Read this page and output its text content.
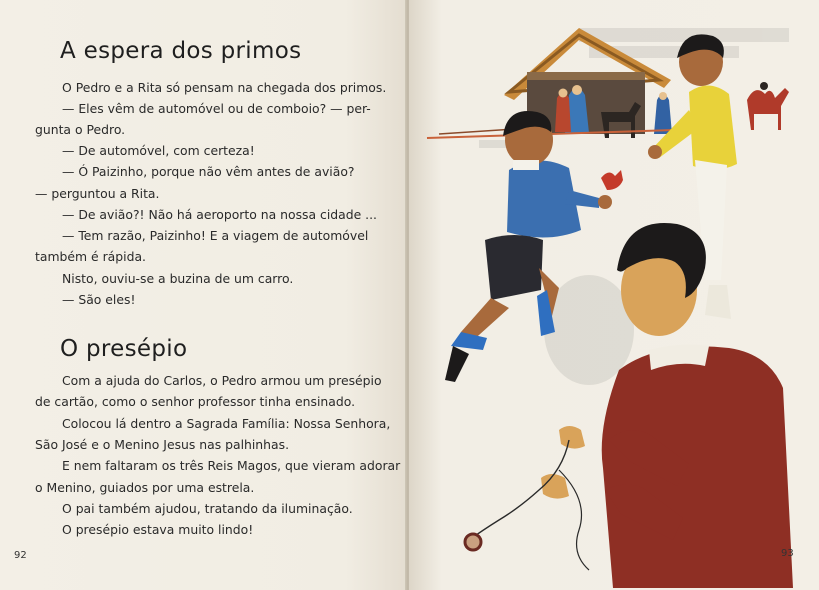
A espera dos primos
O Pedro e a Rita só pensam na chegada dos primos.
— Eles vêm de automóvel ou de comboio? — per-
gunta o Pedro.
— De automóvel, com certeza!
— Ó Paizinho, porque não vêm antes de avião?
— perguntou a Rita.
— De avião?! Não há aeroporto na nossa cidade ...
— Tem razão, Paizinho! E a viagem de automóvel
também é rápida.
Nisto, ouviu-se a buzina de um carro.
— São eles!
O presépio
Com a ajuda do Carlos, o Pedro armou um presépio
de cartão, como o senhor professor tinha ensinado.
Colocou lá dentro a Sagrada Família: Nossa Senhora,
São José e o Menino Jesus nas palhinhas.
E nem faltaram os três Reis Magos, que vieram adorar
o Menino, guiados por uma estrela.
O pai também ajudou, tratando da iluminação.
O presépio estava muito lindo!
92	93
